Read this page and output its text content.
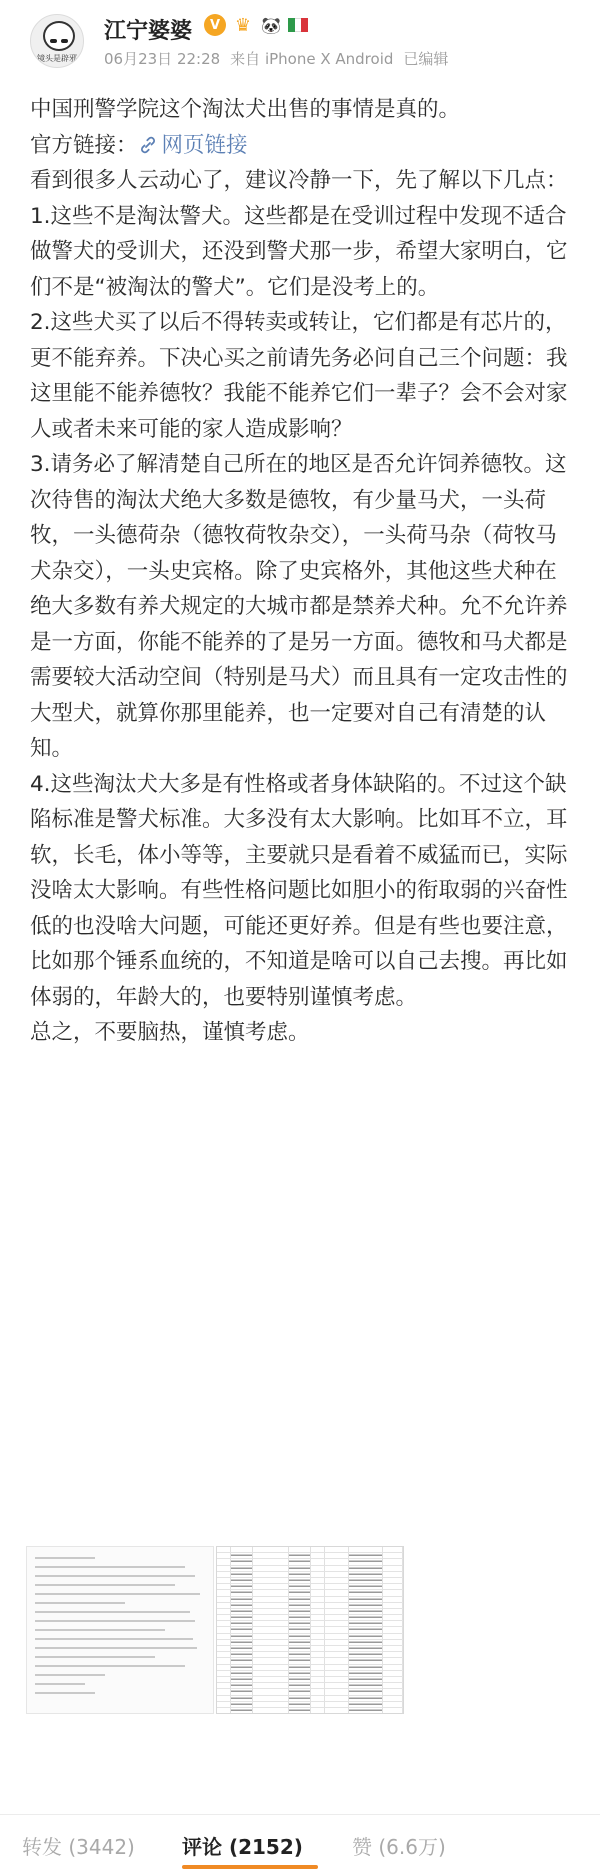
镜头是辟邪
江宁婆婆	V ♛ 🐼
06月23日 22:28 来自 iPhone X Android 已编辑

中国刑警学院这个淘汰犬出售的事情是真的。

官方链接： 网页链接

看到很多人云动心了，建议冷静一下，先了解以下几点：

1.这些不是淘汰警犬。这些都是在受训过程中发现不适合做警犬的受训犬，还没到警犬那一步，希望大家明白，它们不是“被淘汰的警犬”。它们是没考上的。

2.这些犬买了以后不得转卖或转让，它们都是有芯片的，更不能弃养。下决心买之前请先务必问自己三个问题：我这里能不能养德牧？我能不能养它们一辈子？会不会对家人或者未来可能的家人造成影响？

3.请务必了解清楚自己所在的地区是否允许饲养德牧。这次待售的淘汰犬绝大多数是德牧，有少量马犬，一头荷牧，一头德荷杂（德牧荷牧杂交），一头荷马杂（荷牧马犬杂交），一头史宾格。除了史宾格外，其他这些犬种在绝大多数有养犬规定的大城市都是禁养犬种。允不允许养是一方面，你能不能养的了是另一方面。德牧和马犬都是需要较大活动空间（特别是马犬）而且具有一定攻击性的大型犬，就算你那里能养，也一定要对自己有清楚的认知。

4.这些淘汰犬大多是有性格或者身体缺陷的。不过这个缺陷标准是警犬标准。大多没有太大影响。比如耳不立，耳软，长毛，体小等等，主要就只是看着不威猛而已，实际没啥太大影响。有些性格问题比如胆小的衔取弱的兴奋性低的也没啥大问题，可能还更好养。但是有些也要注意，比如那个锤系血统的，不知道是啥可以自己去搜。再比如体弱的，年龄大的，也要特别谨慎考虑。

总之，不要脑热，谨慎考虑。

转发 (3442) 评论 (2152) 赞 (6.6万)
